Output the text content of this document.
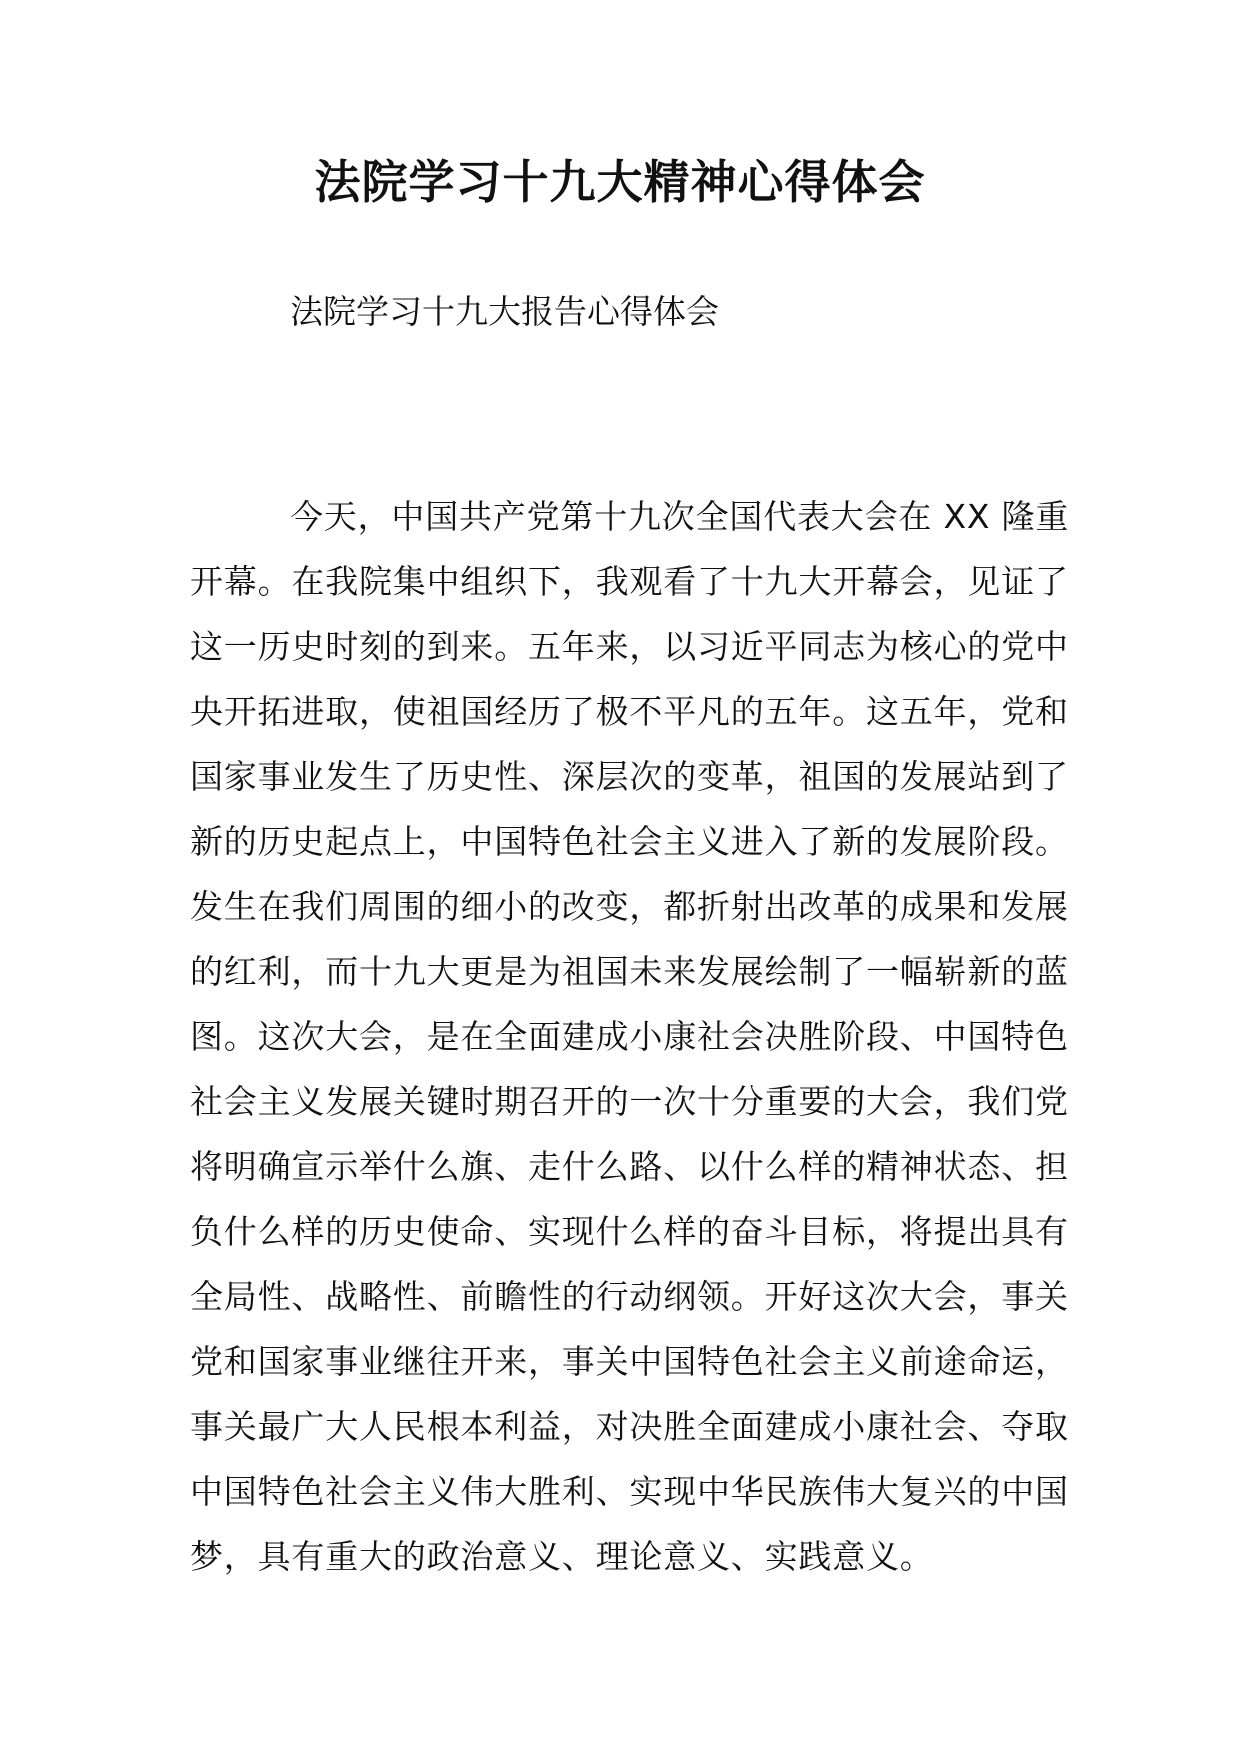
法院学习十九大精神心得体会

法院学习十九大报告心得体会

今天，中国共产党第十九次全国代表大会在 XX 隆重
开幕。在我院集中组织下，我观看了十九大开幕会，见证了
这一历史时刻的到来。五年来，以习近平同志为核心的党中
央开拓进取，使祖国经历了极不平凡的五年。这五年，党和
国家事业发生了历史性、深层次的变革，祖国的发展站到了
新的历史起点上，中国特色社会主义进入了新的发展阶段。
发生在我们周围的细小的改变，都折射出改革的成果和发展
的红利，而十九大更是为祖国未来发展绘制了一幅崭新的蓝
图。这次大会，是在全面建成小康社会决胜阶段、中国特色
社会主义发展关键时期召开的一次十分重要的大会，我们党
将明确宣示举什么旗、走什么路、以什么样的精神状态、担
负什么样的历史使命、实现什么样的奋斗目标，将提出具有
全局性、战略性、前瞻性的行动纲领。开好这次大会，事关
党和国家事业继往开来，事关中国特色社会主义前途命运，
事关最广大人民根本利益，对决胜全面建成小康社会、夺取
中国特色社会主义伟大胜利、实现中华民族伟大复兴的中国
梦，具有重大的政治意义、理论意义、实践意义。
